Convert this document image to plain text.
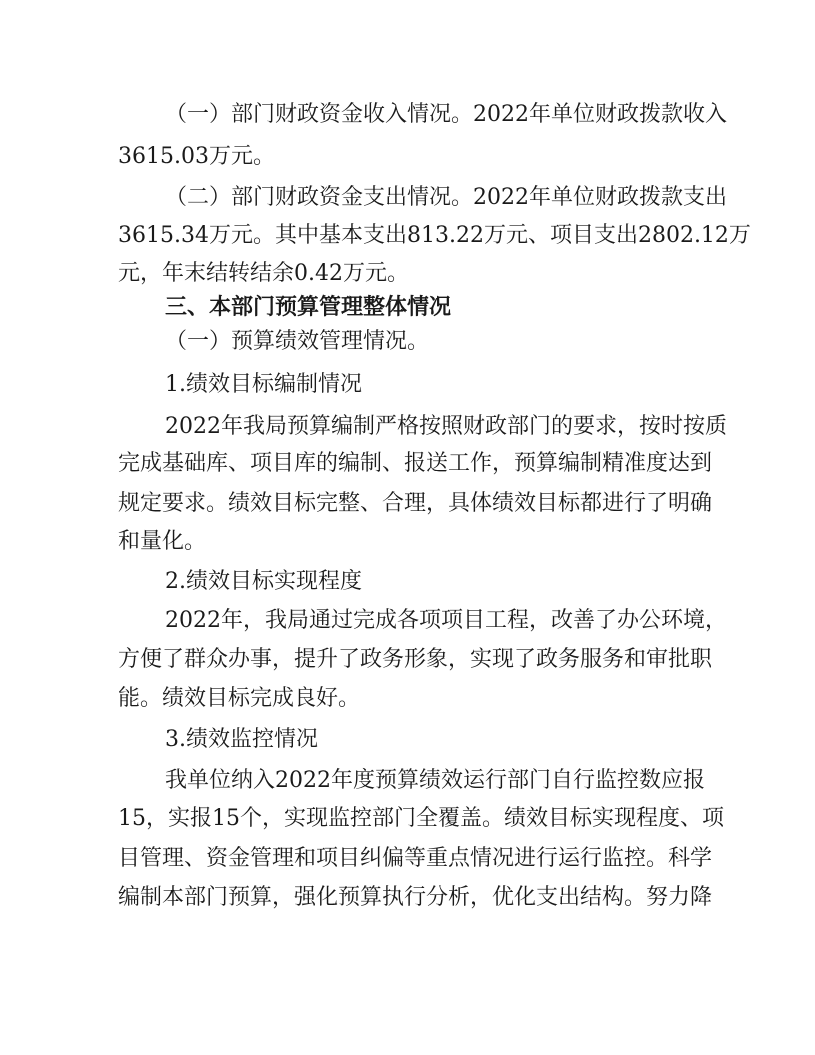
（一）部门财政资金收入情况。2022年单位财政拨款收入

3615.03万元。

（二）部门财政资金支出情况。2022年单位财政拨款支出

3615.34万元。其中基本支出813.22万元、项目支出2802.12万

元，年末结转结余0.42万元。

三、本部门预算管理整体情况

（一）预算绩效管理情况。

1.绩效目标编制情况

2022年我局预算编制严格按照财政部门的要求，按时按质

完成基础库、项目库的编制、报送工作，预算编制精准度达到

规定要求。绩效目标完整、合理，具体绩效目标都进行了明确

和量化。

2.绩效目标实现程度

2022年，我局通过完成各项项目工程，改善了办公环境，

方便了群众办事，提升了政务形象，实现了政务服务和审批职

能。绩效目标完成良好。

3.绩效监控情况

我单位纳入2022年度预算绩效运行部门自行监控数应报

15，实报15个，实现监控部门全覆盖。绩效目标实现程度、项

目管理、资金管理和项目纠偏等重点情况进行运行监控。科学

编制本部门预算，强化预算执行分析，优化支出结构。努力降
